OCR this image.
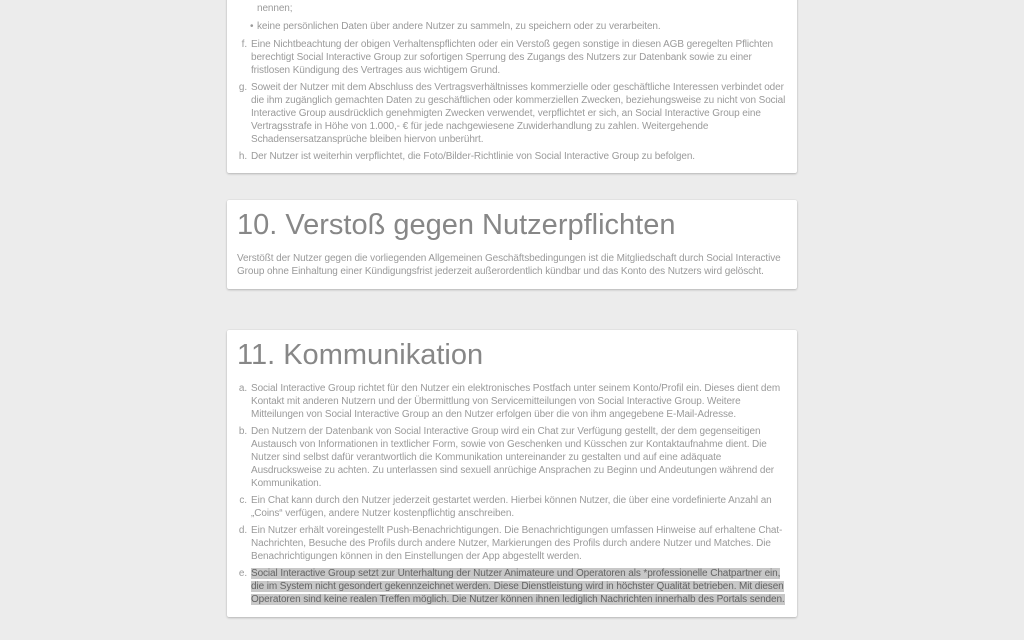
nennen;
• keine persönlichen Daten über andere Nutzer zu sammeln, zu speichern oder zu verarbeiten.
f. Eine Nichtbeachtung der obigen Verhaltenspflichten oder ein Verstoß gegen sonstige in diesen AGB geregelten Pflichten berechtigt Social Interactive Group zur sofortigen Sperrung des Zugangs des Nutzers zur Datenbank sowie zu einer fristlosen Kündigung des Vertrages aus wichtigem Grund.
g. Soweit der Nutzer mit dem Abschluss des Vertragsverhältnisses kommerzielle oder geschäftliche Interessen verbindet oder die ihm zugänglich gemachten Daten zu geschäftlichen oder kommerziellen Zwecken, beziehungsweise zu nicht von Social Interactive Group ausdrücklich genehmigten Zwecken verwendet, verpflichtet er sich, an Social Interactive Group eine Vertragsstrafe in Höhe von 1.000,- € für jede nachgewiesene Zuwiderhandlung zu zahlen. Weitergehende Schadensersatzansprüche bleiben hiervon unberührt.
h. Der Nutzer ist weiterhin verpflichtet, die Foto/Bilder-Richtlinie von Social Interactive Group zu befolgen.
10. Verstoß gegen Nutzerpflichten

Verstößt der Nutzer gegen die vorliegenden Allgemeinen Geschäftsbedingungen ist die Mitgliedschaft durch Social Interactive Group ohne Einhaltung einer Kündigungsfrist jederzeit außerordentlich kündbar und das Konto des Nutzers wird gelöscht.

11. Kommunikation
a. Social Interactive Group richtet für den Nutzer ein elektronisches Postfach unter seinem Konto/Profil ein. Dieses dient dem Kontakt mit anderen Nutzern und der Übermittlung von Servicemitteilungen von Social Interactive Group. Weitere Mitteilungen von Social Interactive Group an den Nutzer erfolgen über die von ihm angegebene E-Mail-Adresse.
b. Den Nutzern der Datenbank von Social Interactive Group wird ein Chat zur Verfügung gestellt, der dem gegenseitigen Austausch von Informationen in textlicher Form, sowie von Geschenken und Küsschen zur Kontaktaufnahme dient. Die Nutzer sind selbst dafür verantwortlich die Kommunikation untereinander zu gestalten und auf eine adäquate Ausdrucksweise zu achten. Zu unterlassen sind sexuell anrüchige Ansprachen zu Beginn und Andeutungen während der Kommunikation.
c. Ein Chat kann durch den Nutzer jederzeit gestartet werden. Hierbei können Nutzer, die über eine vordefinierte Anzahl an „Coins“ verfügen, andere Nutzer kostenpflichtig anschreiben.
d. Ein Nutzer erhält voreingestellt Push-Benachrichtigungen. Die Benachrichtigungen umfassen Hinweise auf erhaltene Chat-Nachrichten, Besuche des Profils durch andere Nutzer, Markierungen des Profils durch andere Nutzer und Matches. Die Benachrichtigungen können in den Einstellungen der App abgestellt werden.
e. Social Interactive Group setzt zur Unterhaltung der Nutzer Animateure und Operatoren als *professionelle Chatpartner ein, die im System nicht gesondert gekennzeichnet werden. Diese Dienstleistung wird in höchster Qualität betrieben. Mit diesen Operatoren sind keine realen Treffen möglich. Die Nutzer können ihnen lediglich Nachrichten innerhalb des Portals senden.
